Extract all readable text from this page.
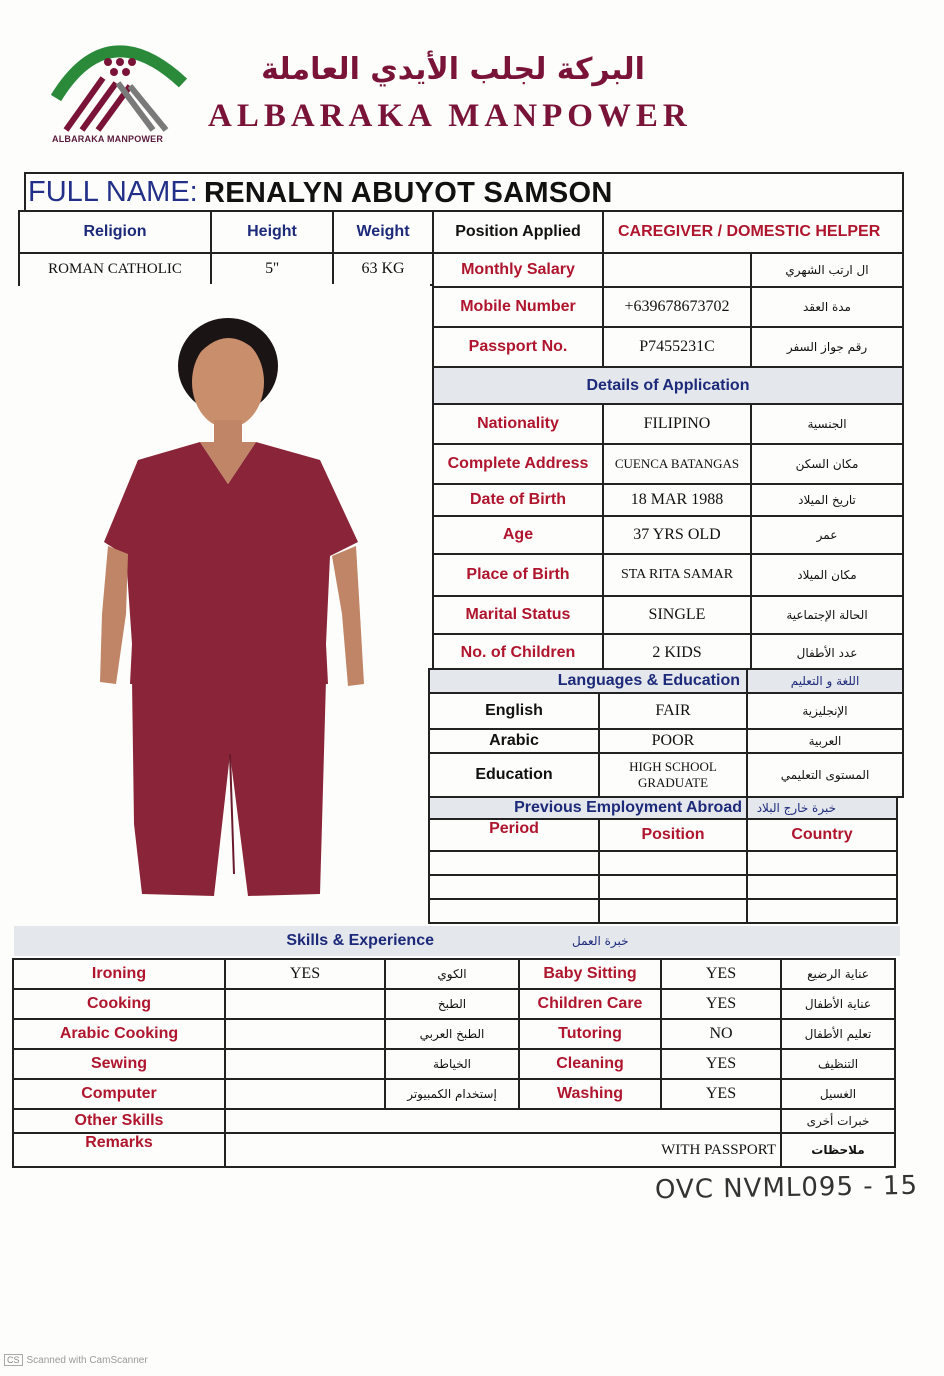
ALBARAKA MANPOWER
البركة لجلب الأيدي العاملة
ALBARAKA MANPOWER
FULL NAME: RENALYN ABUYOT SAMSON
Religion	Height	Weight	Position Applied	CAREGIVER / DOMESTIC HELPER
ROMAN CATHOLIC	5''	63 KG	Monthly Salary		ال ارتب الشهري
Mobile Number	+639678673702	مدة العقد
Passport No.	P7455231C	رقم جواز السفر
Details of Application		
Nationality	FILIPINO	الجنسية
Complete Address	CUENCA BATANGAS	مكان السكن
Date of Birth	18 MAR 1988	تاريخ الميلاد
Age	37 YRS OLD	عمر
Place of Birth	STA RITA SAMAR	مكان الميلاد
Marital Status	SINGLE	الحالة الإجتماعية
No. of Children	2 KIDS	عدد الأطفال
Languages & Education		اللغة و التعليم
English	FAIR	الإنجليزية
Arabic	POOR	العربية
Education	HIGH SCHOOL GRADUATE	المستوى التعليمي
Previous Employment Abroad		خبرة خارج البلاد
Period	Position	Country

Skills & Experience	خبرة العمل
Ironing	YES	الكوي	Baby Sitting	YES	عناية الرضيع
Cooking		الطبخ	Children Care	YES	عناية الأطفال
Arabic Cooking		الطبخ العربي	Tutoring	NO	تعليم الأطفال
Sewing		الخياطة	Cleaning	YES	التنظيف
Computer		إستخدام الكمبيوتر	Washing	YES	الغسيل
Other Skills					خبرات أخرى
Remarks	WITH PASSPORT				ملاحظات
OVC NVML095 - 15
CS Scanned with CamScanner
